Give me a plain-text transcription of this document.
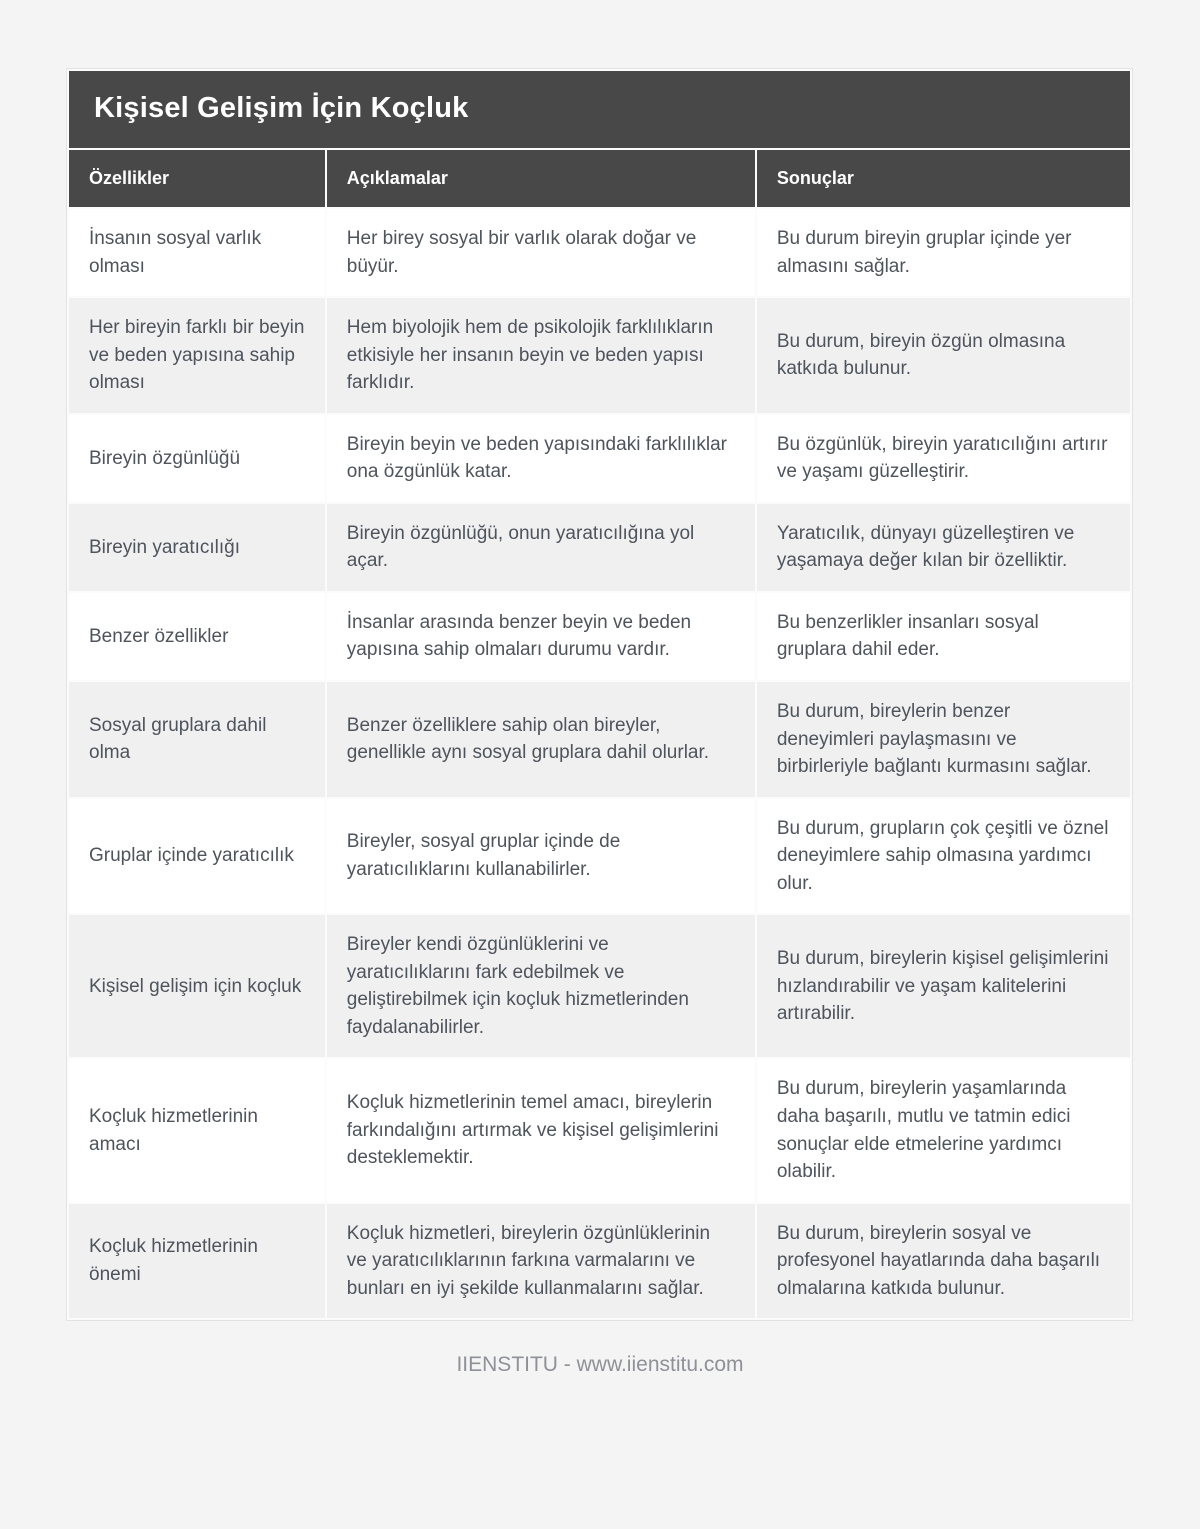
Kişisel Gelişim İçin Koçluk
Özellikler	Açıklamalar	Sonuçlar
İnsanın sosyal varlık olması	Her birey sosyal bir varlık olarak doğar ve büyür.	Bu durum bireyin gruplar içinde yer almasını sağlar.
Her bireyin farklı bir beyin ve beden yapısına sahip olması	Hem biyolojik hem de psikolojik farklılıkların etkisiyle her insanın beyin ve beden yapısı farklıdır.	Bu durum, bireyin özgün olmasına katkıda bulunur.
Bireyin özgünlüğü	Bireyin beyin ve beden yapısındaki farklılıklar ona özgünlük katar.	Bu özgünlük, bireyin yaratıcılığını artırır ve yaşamı güzelleştirir.
Bireyin yaratıcılığı	Bireyin özgünlüğü, onun yaratıcılığına yol açar.	Yaratıcılık, dünyayı güzelleştiren ve yaşamaya değer kılan bir özelliktir.
Benzer özellikler	İnsanlar arasında benzer beyin ve beden yapısına sahip olmaları durumu vardır.	Bu benzerlikler insanları sosyal gruplara dahil eder.
Sosyal gruplara dahil olma	Benzer özelliklere sahip olan bireyler, genellikle aynı sosyal gruplara dahil olurlar.	Bu durum, bireylerin benzer deneyimleri paylaşmasını ve birbirleriyle bağlantı kurmasını sağlar.
Gruplar içinde yaratıcılık	Bireyler, sosyal gruplar içinde de yaratıcılıklarını kullanabilirler.	Bu durum, grupların çok çeşitli ve öznel deneyimlere sahip olmasına yardımcı olur.
Kişisel gelişim için koçluk	Bireyler kendi özgünlüklerini ve yaratıcılıklarını fark edebilmek ve geliştirebilmek için koçluk hizmetlerinden faydalanabilirler.	Bu durum, bireylerin kişisel gelişimlerini hızlandırabilir ve yaşam kalitelerini artırabilir.
Koçluk hizmetlerinin amacı	Koçluk hizmetlerinin temel amacı, bireylerin farkındalığını artırmak ve kişisel gelişimlerini desteklemektir.	Bu durum, bireylerin yaşamlarında daha başarılı, mutlu ve tatmin edici sonuçlar elde etmelerine yardımcı olabilir.
Koçluk hizmetlerinin önemi	Koçluk hizmetleri, bireylerin özgünlüklerinin ve yaratıcılıklarının farkına varmalarını ve bunları en iyi şekilde kullanmalarını sağlar.	Bu durum, bireylerin sosyal ve profesyonel hayatlarında daha başarılı olmalarına katkıda bulunur.
IIENSTITU - www.iienstitu.com
